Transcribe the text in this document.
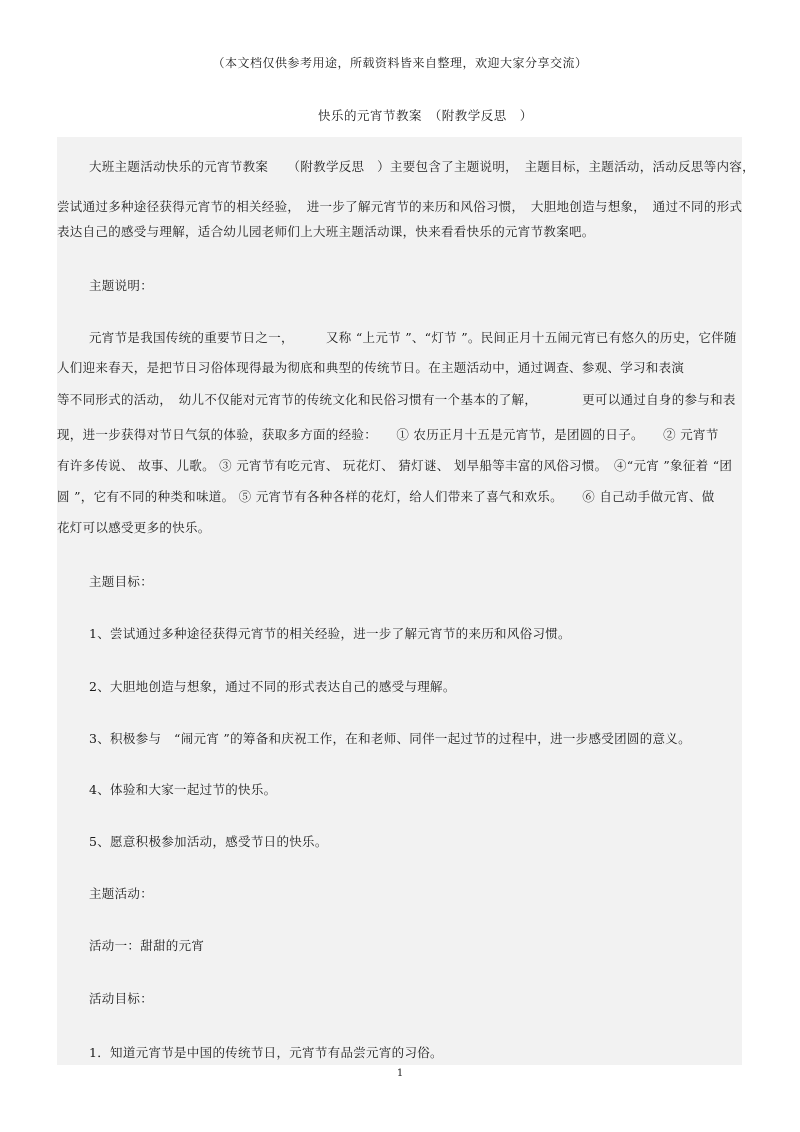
（本文档仅供参考用途，所载资料皆来自整理，欢迎大家分享交流）
快乐的元宵节教案　（附教学反思　）
大班主题活动快乐的元宵节教案　　（附教学反思　）主要包含了主题说明，　主题目标，主题活动，活动反思等内容，
尝试通过多种途径获得元宵节的相关经验，　进一步了解元宵节的来历和风俗习惯，　大胆地创造与想象，　通过不同的形式
表达自己的感受与理解，适合幼儿园老师们上大班主题活动课，快来看看快乐的元宵节教案吧。
主题说明：
元宵节是我国传统的重要节日之一，　　　又称 “上元节 ”、“灯节 ”。民间正月十五闹元宵已有悠久的历史，它伴随
人们迎来春天，是把节日习俗体现得最为彻底和典型的传统节日。在主题活动中，通过调查、参观、学习和表演
等不同形式的活动，　幼儿不仅能对元宵节的传统文化和民俗习惯有一个基本的了解，　　　　更可以通过自身的参与和表
现，进一步获得对节日气氛的体验，获取多方面的经验：　　① 农历正月十五是元宵节，是团圆的日子。　　② 元宵节
有许多传说、 故事、儿歌。 ③ 元宵节有吃元宵、 玩花灯、 猜灯谜、 划旱船等丰富的风俗习惯。　④“元宵 ”象征着 “团
圆 ”，它有不同的种类和味道。 ⑤ 元宵节有各种各样的花灯，给人们带来了喜气和欢乐。　　⑥ 自己动手做元宵、做
花灯可以感受更多的快乐。
主题目标：
1、尝试通过多种途径获得元宵节的相关经验，进一步了解元宵节的来历和风俗习惯。
2、大胆地创造与想象，通过不同的形式表达自己的感受与理解。
3、积极参与　“闹元宵 ”的筹备和庆祝工作，在和老师、同伴一起过节的过程中，进一步感受团圆的意义。
4、体验和大家一起过节的快乐。
5、愿意积极参加活动，感受节日的快乐。
主题活动：
活动一：甜甜的元宵
活动目标：
1．知道元宵节是中国的传统节日，元宵节有品尝元宵的习俗。
1
